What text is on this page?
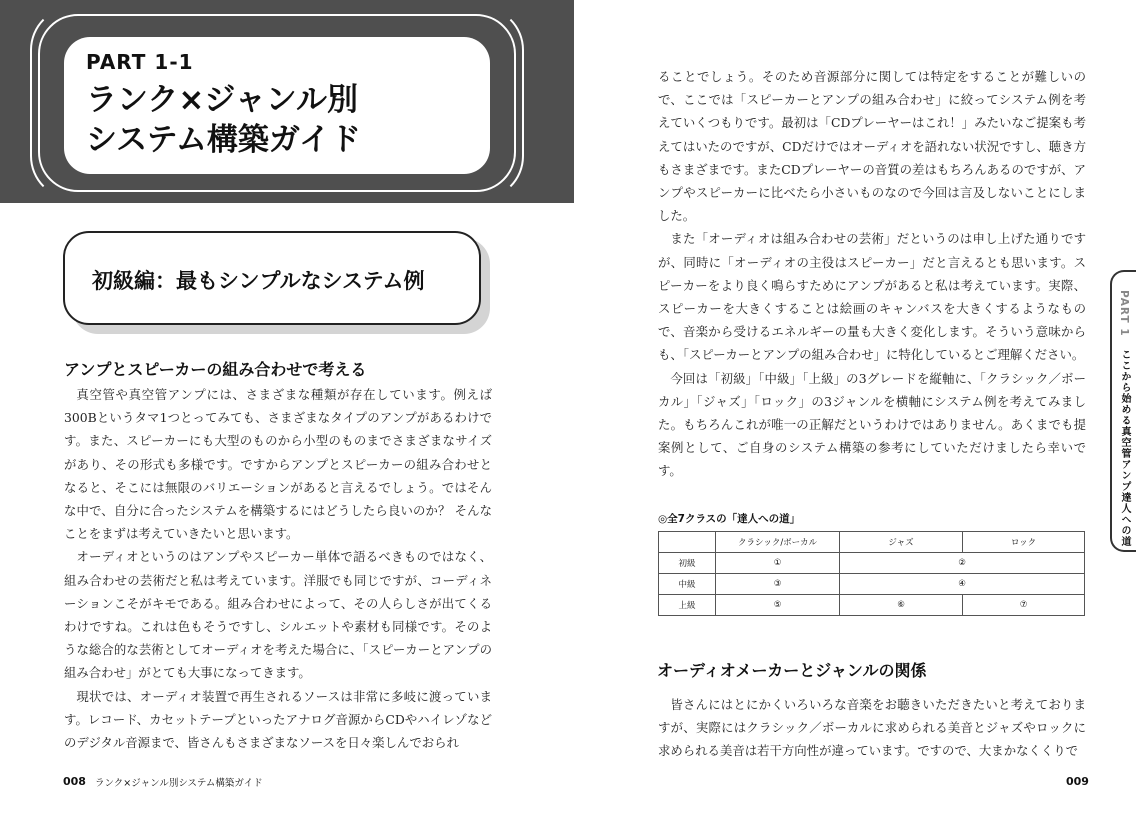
PART 1-1
ランク×ジャンル別
システム構築ガイド
初級編：最もシンプルなシステム例
アンプとスピーカーの組み合わせで考える

真空管や真空管アンプには、さまざまな種類が存在しています。例えば300Bというタマ1つとってみても、さまざまなタイプのアンプがあるわけです。また、スピーカーにも大型のものから小型のものまでさまざまなサイズがあり、その形式も多様です。ですからアンプとスピーカーの組み合わせとなると、そこには無限のバリエーションがあると言えるでしょう。ではそんな中で、自分に合ったシステムを構築するにはどうしたら良いのか？ そんなことをまずは考えていきたいと思います。

オーディオというのはアンプやスピーカー単体で語るべきものではなく、組み合わせの芸術だと私は考えています。洋服でも同じですが、コーディネーションこそがキモである。組み合わせによって、その人らしさが出てくるわけですね。これは色もそうですし、シルエットや素材も同様です。そのような総合的な芸術としてオーディオを考えた場合に、「スピーカーとアンプの組み合わせ」がとても大事になってきます。

現状では、オーディオ装置で再生されるソースは非常に多岐に渡っています。レコード、カセットテープといったアナログ音源からCDやハイレゾなどのデジタル音源まで、皆さんもさまざまなソースを日々楽しんでおられ

008 ランク×ジャンル別システム構築ガイド

ることでしょう。そのため音源部分に関しては特定をすることが難しいので、ここでは「スピーカーとアンプの組み合わせ」に絞ってシステム例を考えていくつもりです。最初は「CDプレーヤーはこれ！」みたいなご提案も考えてはいたのですが、CDだけではオーディオを語れない状況ですし、聴き方もさまざまです。またCDプレーヤーの音質の差はもちろんあるのですが、アンプやスピーカーに比べたら小さいものなので今回は言及しないことにしました。

また「オーディオは組み合わせの芸術」だというのは申し上げた通りですが、同時に「オーディオの主役はスピーカー」だと言えるとも思います。スピーカーをより良く鳴らすためにアンプがあると私は考えています。実際、スピーカーを大きくすることは絵画のキャンバスを大きくするようなもので、音楽から受けるエネルギーの量も大きく変化します。そういう意味からも、「スピーカーとアンプの組み合わせ」に特化しているとご理解ください。

今回は「初級」「中級」「上級」の3グレードを縦軸に、「クラシック／ボーカル」「ジャズ」「ロック」の3ジャンルを横軸にシステム例を考えてみました。もちろんこれが唯一の正解だというわけではありません。あくまでも提案例として、ご自身のシステム構築の参考にしていただけましたら幸いです。

◎全7クラスの「達人への道」
	クラシック/ボーカル	ジャズ	ロック
初級	①	②	
中級	③	④	
上級	⑤	⑥	⑦
オーディオメーカーとジャンルの関係

皆さんにはとにかくいろいろな音楽をお聴きいただきたいと考えておりますが、実際にはクラシック／ボーカルに求められる美音とジャズやロックに求められる美音は若干方向性が違っています。ですので、大まかなくくりで

PART 1 ここから始める真空管アンプ達人への道
009
